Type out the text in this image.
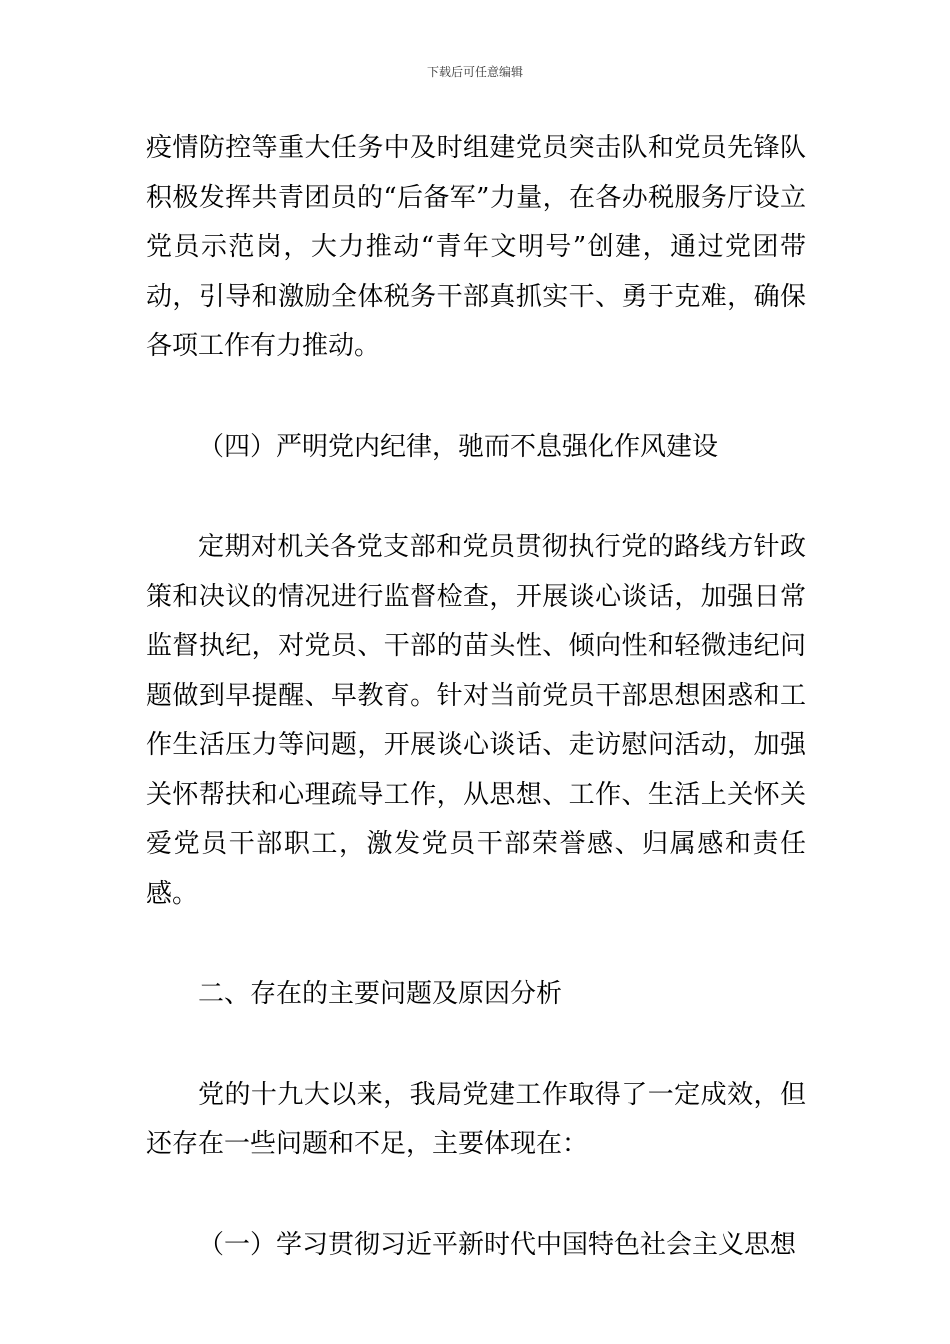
下载后可任意编辑

疫情防控等重大任务中及时组建党员突击队和党员先锋队积极发挥共青团员的“后备军”力量，在各办税服务厅设立党员示范岗，大力推动“青年文明号”创建，通过党团带动，引导和激励全体税务干部真抓实干、勇于克难，确保各项工作有力推动。

（四）严明党内纪律，驰而不息强化作风建设

定期对机关各党支部和党员贯彻执行党的路线方针政策和决议的情况进行监督检查，开展谈心谈话，加强日常监督执纪，对党员、干部的苗头性、倾向性和轻微违纪问题做到早提醒、早教育。针对当前党员干部思想困惑和工作生活压力等问题，开展谈心谈话、走访慰问活动，加强关怀帮扶和心理疏导工作，从思想、工作、生活上关怀关爱党员干部职工，激发党员干部荣誉感、归属感和责任感。

二、存在的主要问题及原因分析

党的十九大以来，我局党建工作取得了一定成效，但还存在一些问题和不足，主要体现在：

（一）学习贯彻习近平新时代中国特色社会主义思想
